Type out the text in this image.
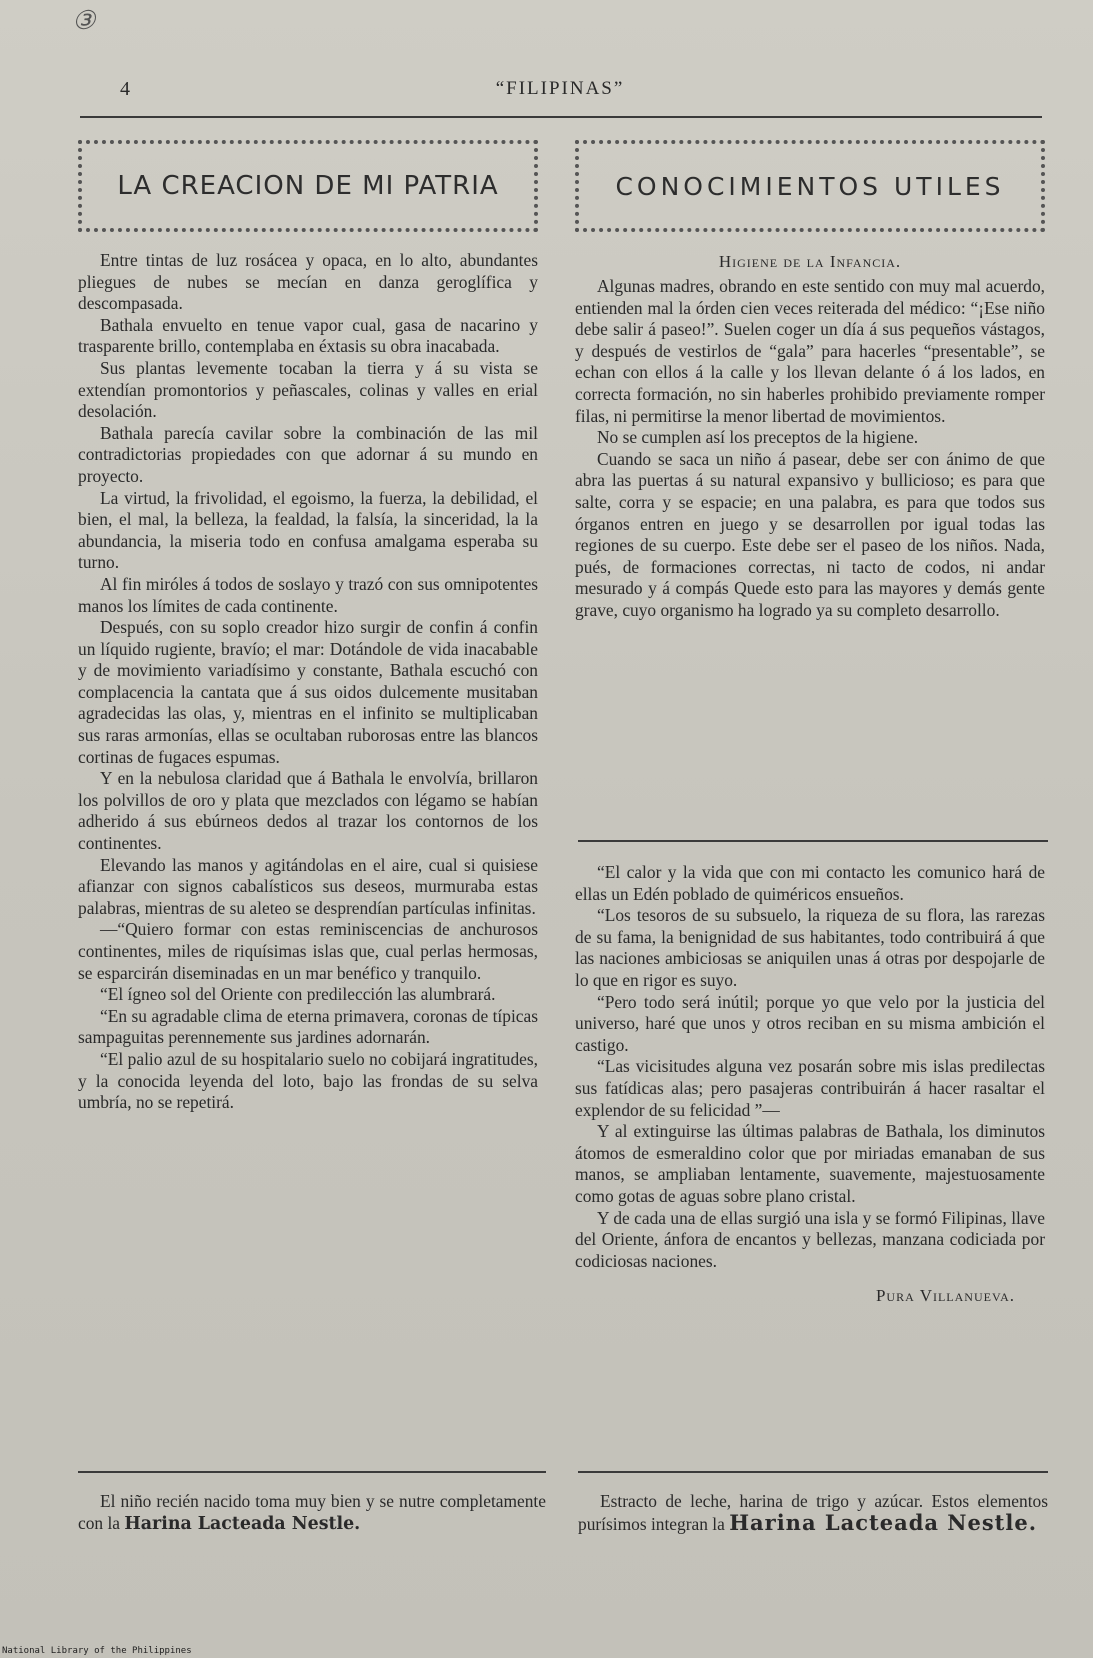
③
4	“FILIPINAS”
LA CREACION DE MI PATRIA

Entre tintas de luz rosácea y opaca, en lo alto, abundantes pliegues de nubes se mecían en danza geroglífica y descompasada.

Bathala envuelto en tenue vapor cual, gasa de nacarino y trasparente brillo, contemplaba en éxtasis su obra inacabada.

Sus plantas levemente tocaban la tierra y á su vista se extendían promontorios y peñascales, colinas y valles en erial desolación.

Bathala parecía cavilar sobre la combinación de las mil contradictorias propiedades con que adornar á su mundo en proyecto.

La virtud, la frivolidad, el egoismo, la fuerza, la debilidad, el bien, el mal, la belleza, la fealdad, la falsía, la sinceridad, la la abundancia, la miseria todo en confusa amalgama esperaba su turno.

Al fin miróles á todos de soslayo y trazó con sus omnipotentes manos los límites de cada continente.

Después, con su soplo creador hizo surgir de confin á confin un líquido rugiente, bravío; el mar: Dotándole de vida inacabable y de movimiento variadísimo y constante, Bathala escuchó con complacencia la cantata que á sus oidos dulcemente musitaban agradecidas las olas, y, mientras en el infinito se multiplicaban sus raras armonías, ellas se ocultaban ruborosas entre las blancos cortinas de fugaces espumas.

Y en la nebulosa claridad que á Bathala le envolvía, brillaron los polvillos de oro y plata que mezclados con légamo se habían adherido á sus ebúrneos dedos al trazar los contornos de los continentes.

Elevando las manos y agitándolas en el aire, cual si quisiese afianzar con signos cabalísticos sus deseos, murmuraba estas palabras, mientras de su aleteo se desprendían partículas infinitas.

—“Quiero formar con estas reminiscencias de anchurosos continentes, miles de riquísimas islas que, cual perlas hermosas, se esparcirán diseminadas en un mar benéfico y tranquilo.

“El ígneo sol del Oriente con predilección las alumbrará.

“En su agradable clima de eterna primavera, coronas de típicas sampaguitas perennemente sus jardines adornarán.

“El palio azul de su hospitalario suelo no cobijará ingratitudes, y la conocida leyenda del loto, bajo las frondas de su selva umbría, no se repetirá.

CONOCIMIENTOS UTILES
Higiene de la Infancia.

Algunas madres, obrando en este sentido con muy mal acuerdo, entienden mal la órden cien veces reiterada del médico: “¡Ese niño debe salir á paseo!”. Suelen coger un día á sus pequeños vástagos, y después de vestirlos de “gala” para hacerles “presentable”, se echan con ellos á la calle y los llevan delante ó á los lados, en correcta formación, no sin haberles prohibido previamente romper filas, ni permitirse la menor libertad de movimientos.

No se cumplen así los preceptos de la higiene.

Cuando se saca un niño á pasear, debe ser con ánimo de que abra las puertas á su natural expansivo y bullicioso; es para que salte, corra y se espacie; en una palabra, es para que todos sus órganos entren en juego y se desarrollen por igual todas las regiones de su cuerpo. Este debe ser el paseo de los niños. Nada, pués, de formaciones correctas, ni tacto de codos, ni andar mesurado y á compás Quede esto para las mayores y demás gente grave, cuyo organismo ha logrado ya su completo desarrollo.

“El calor y la vida que con mi contacto les comunico hará de ellas un Edén poblado de quiméricos ensueños.

“Los tesoros de su subsuelo, la riqueza de su flora, las rarezas de su fama, la benignidad de sus habitantes, todo contribuirá á que las naciones ambiciosas se aniquilen unas á otras por despojarle de lo que en rigor es suyo.

“Pero todo será inútil; porque yo que velo por la justicia del universo, haré que unos y otros reciban en su misma ambición el castigo.

“Las vicisitudes alguna vez posarán sobre mis islas predilectas sus fatídicas alas; pero pasajeras contribuirán á hacer rasaltar el explendor de su felicidad ”—

Y al extinguirse las últimas palabras de Bathala, los diminutos átomos de esmeraldino color que por miriadas emanaban de sus manos, se ampliaban lentamente, suavemente, majestuosamente como gotas de aguas sobre plano cristal.

Y de cada una de ellas surgió una isla y se formó Filipinas, llave del Oriente, ánfora de encantos y bellezas, manzana codiciada por codiciosas naciones.

Pura Villanueva.

El niño recién nacido toma muy bien y se nutre completamente con la Harina Lacteada Nestle.

Estracto de leche, harina de trigo y azúcar. Estos elementos purísimos integran la Harina Lacteada Nestle.

National Library of the Philippines
